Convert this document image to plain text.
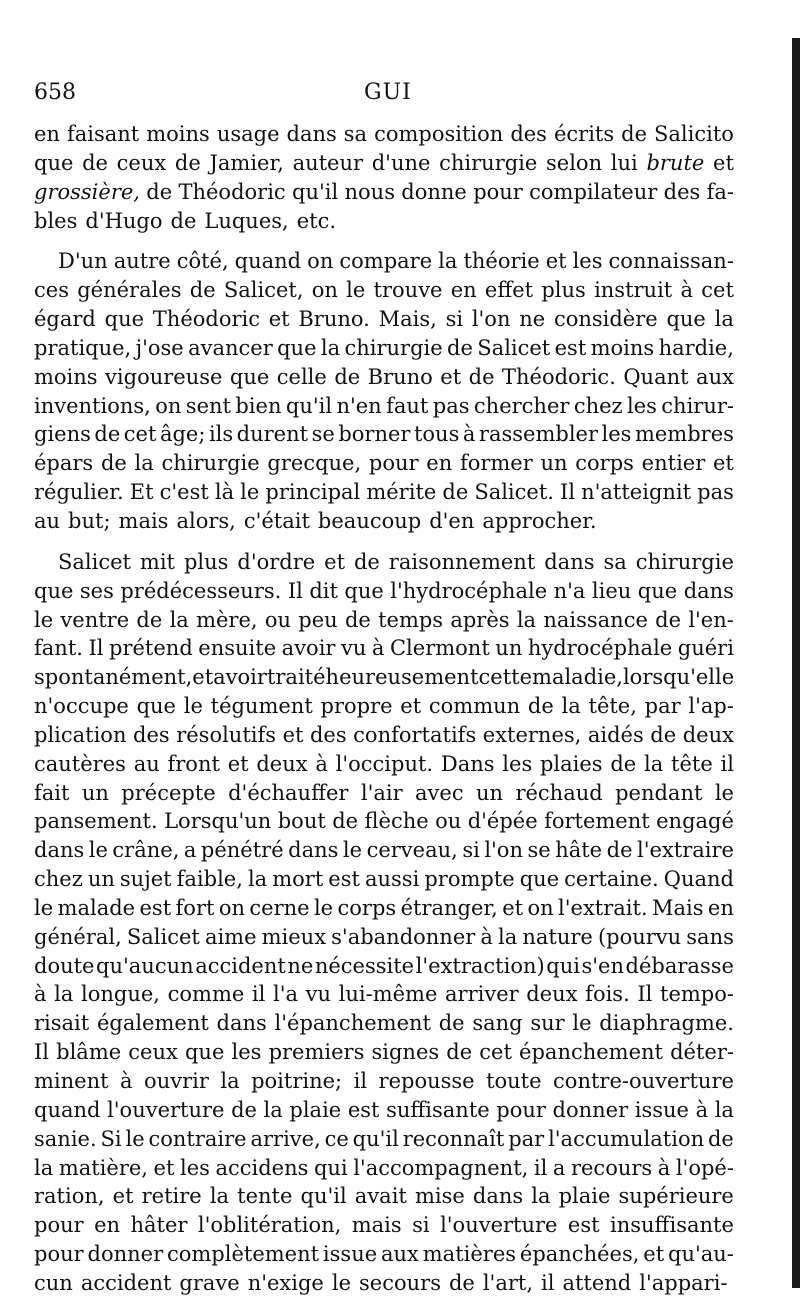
658	GUI
en faisant moins usage dans sa composition des écrits de Salicito
que de ceux de Jamier, auteur d'une chirurgie selon lui brute et
grossière, de Théodoric qu'il nous donne pour compilateur des fa-
bles d'Hugo de Luques, etc.
D'un autre côté, quand on compare la théorie et les connaissan-
ces générales de Salicet, on le trouve en effet plus instruit à cet
égard que Théodoric et Bruno. Mais, si l'on ne considère que la
pratique, j'ose avancer que la chirurgie de Salicet est moins hardie,
moins vigoureuse que celle de Bruno et de Théodoric. Quant aux
inventions, on sent bien qu'il n'en faut pas chercher chez les chirur-
giens de cet âge; ils durent se borner tous à rassembler les membres
épars de la chirurgie grecque, pour en former un corps entier et
régulier. Et c'est là le principal mérite de Salicet. Il n'atteignit pas
au but; mais alors, c'était beaucoup d'en approcher.
Salicet mit plus d'ordre et de raisonnement dans sa chirurgie
que ses prédécesseurs. Il dit que l'hydrocéphale n'a lieu que dans
le ventre de la mère, ou peu de temps après la naissance de l'en-
fant. Il prétend ensuite avoir vu à Clermont un hydrocéphale guéri
spontanément, et avoir traité heureusement cette maladie, lorsqu'elle
n'occupe que le tégument propre et commun de la tête, par l'ap-
plication des résolutifs et des confortatifs externes, aidés de deux
cautères au front et deux à l'occiput. Dans les plaies de la tête il
fait un précepte d'échauffer l'air avec un réchaud pendant le
pansement. Lorsqu'un bout de flèche ou d'épée fortement engagé
dans le crâne, a pénétré dans le cerveau, si l'on se hâte de l'extraire
chez un sujet faible, la mort est aussi prompte que certaine. Quand
le malade est fort on cerne le corps étranger, et on l'extrait. Mais en
général, Salicet aime mieux s'abandonner à la nature (pourvu sans
doute qu'aucun accident ne nécessite l'extraction) qui s'en débarasse
à la longue, comme il l'a vu lui-même arriver deux fois. Il tempo-
risait également dans l'épanchement de sang sur le diaphragme.
Il blâme ceux que les premiers signes de cet épanchement déter-
minent à ouvrir la poitrine; il repousse toute contre-ouverture
quand l'ouverture de la plaie est suffisante pour donner issue à la
sanie. Si le contraire arrive, ce qu'il reconnaît par l'accumulation de
la matière, et les accidens qui l'accompagnent, il a recours à l'opé-
ration, et retire la tente qu'il avait mise dans la plaie supérieure
pour en hâter l'oblitération, mais si l'ouverture est insuffisante
pour donner complètement issue aux matières épanchées, et qu'au-
cun accident grave n'exige le secours de l'art, il attend l'appari-
